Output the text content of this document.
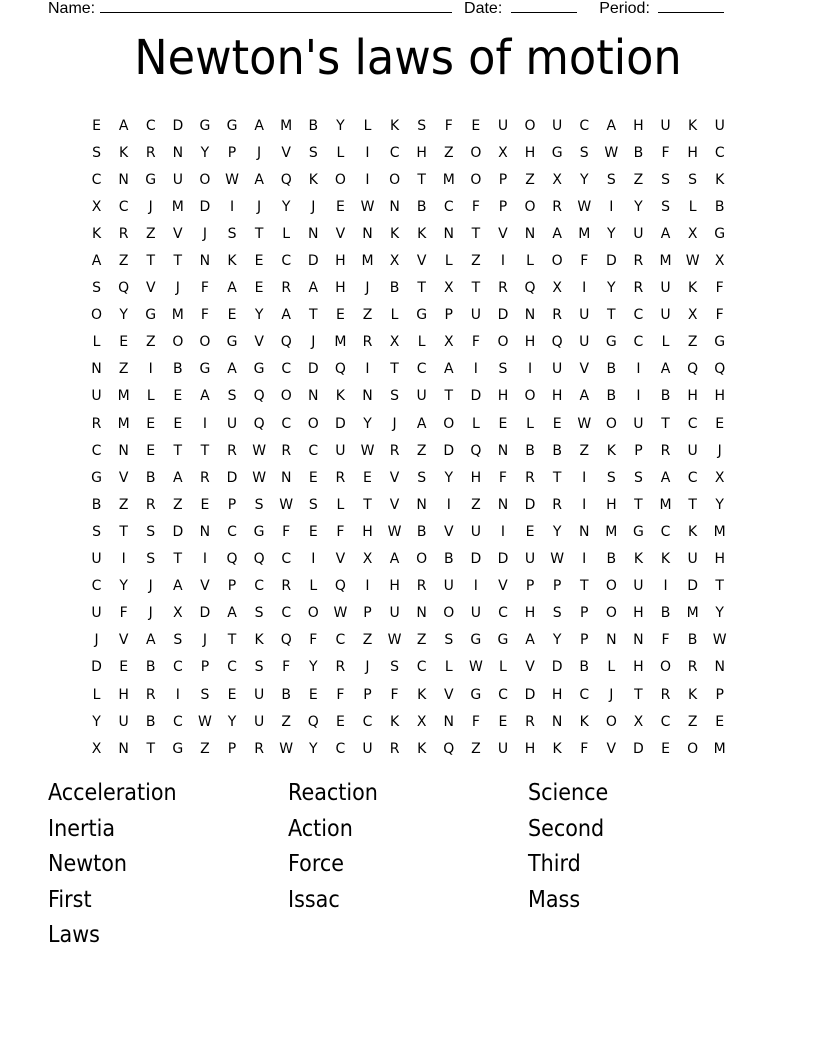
Name:	Date:	Period:
Newton's laws of motion
E	A	C	D	G	G	A	M	B	Y	L	K	S	F	E	U	O	U	C	A	H	U	K	U
S	K	R	N	Y	P	J	V	S	L	I	C	H	Z	O	X	H	G	S	W	B	F	H	C
C	N	G	U	O	W	A	Q	K	O	I	O	T	M	O	P	Z	X	Y	S	Z	S	S	K
X	C	J	M	D	I	J	Y	J	E	W	N	B	C	F	P	O	R	W	I	Y	S	L	B
K	R	Z	V	J	S	T	L	N	V	N	K	K	N	T	V	N	A	M	Y	U	A	X	G
A	Z	T	T	N	K	E	C	D	H	M	X	V	L	Z	I	L	O	F	D	R	M	W	X
S	Q	V	J	F	A	E	R	A	H	J	B	T	X	T	R	Q	X	I	Y	R	U	K	F
O	Y	G	M	F	E	Y	A	T	E	Z	L	G	P	U	D	N	R	U	T	C	U	X	F
L	E	Z	O	O	G	V	Q	J	M	R	X	L	X	F	O	H	Q	U	G	C	L	Z	G
N	Z	I	B	G	A	G	C	D	Q	I	T	C	A	I	S	I	U	V	B	I	A	Q	Q
U	M	L	E	A	S	Q	O	N	K	N	S	U	T	D	H	O	H	A	B	I	B	H	H
R	M	E	E	I	U	Q	C	O	D	Y	J	A	O	L	E	L	E	W	O	U	T	C	E
C	N	E	T	T	R	W	R	C	U	W	R	Z	D	Q	N	B	B	Z	K	P	R	U	J
G	V	B	A	R	D	W	N	E	R	E	V	S	Y	H	F	R	T	I	S	S	A	C	X
B	Z	R	Z	E	P	S	W	S	L	T	V	N	I	Z	N	D	R	I	H	T	M	T	Y
S	T	S	D	N	C	G	F	E	F	H	W	B	V	U	I	E	Y	N	M	G	C	K	M
U	I	S	T	I	Q	Q	C	I	V	X	A	O	B	D	D	U	W	I	B	K	K	U	H
C	Y	J	A	V	P	C	R	L	Q	I	H	R	U	I	V	P	P	T	O	U	I	D	T
U	F	J	X	D	A	S	C	O	W	P	U	N	O	U	C	H	S	P	O	H	B	M	Y
J	V	A	S	J	T	K	Q	F	C	Z	W	Z	S	G	G	A	Y	P	N	N	F	B	W
D	E	B	C	P	C	S	F	Y	R	J	S	C	L	W	L	V	D	B	L	H	O	R	N
L	H	R	I	S	E	U	B	E	F	P	F	K	V	G	C	D	H	C	J	T	R	K	P
Y	U	B	C	W	Y	U	Z	Q	E	C	K	X	N	F	E	R	N	K	O	X	C	Z	E
X	N	T	G	Z	P	R	W	Y	C	U	R	K	Q	Z	U	H	K	F	V	D	E	O	M
Acceleration
Inertia
Newton
First
Laws
Reaction
Action
Force
Issac
Science
Second
Third
Mass
